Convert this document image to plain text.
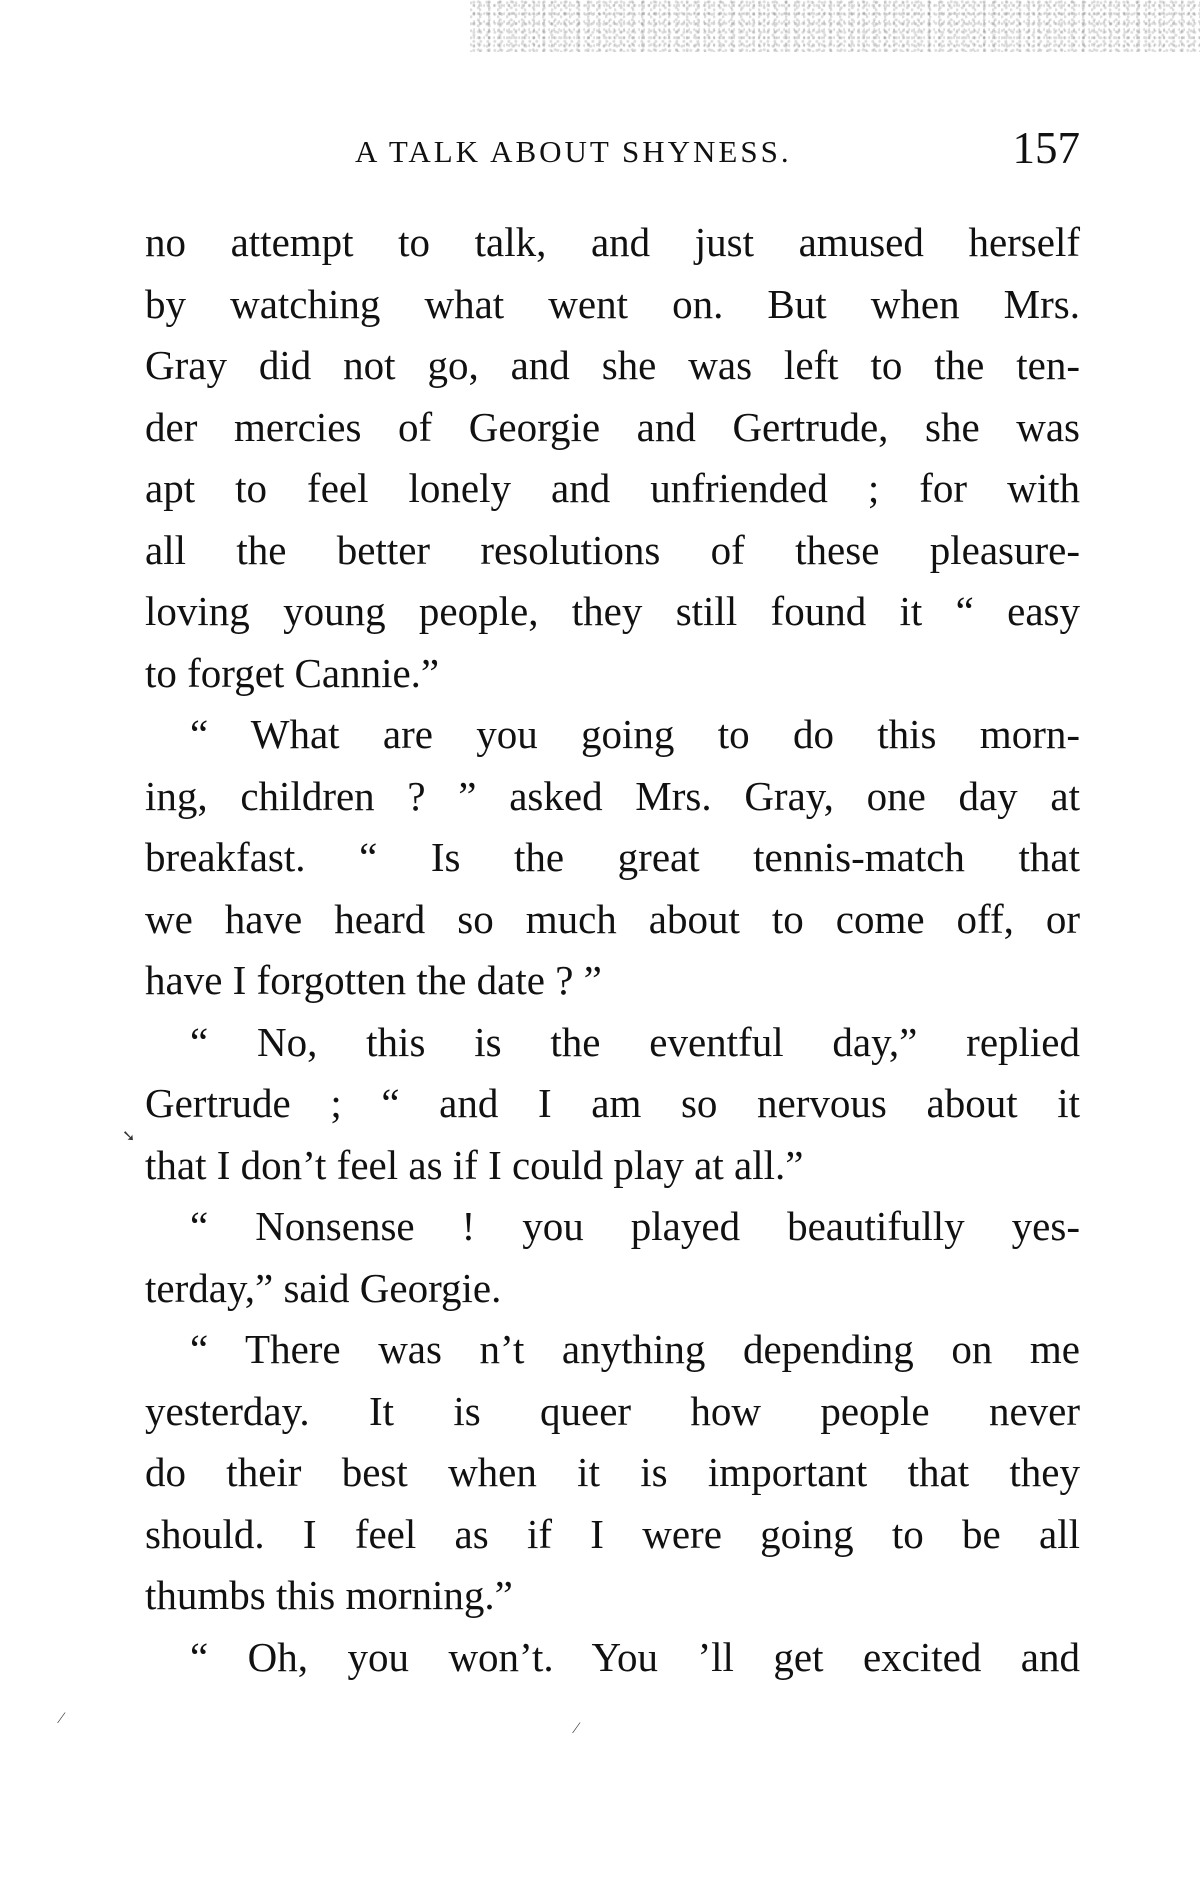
A TALK ABOUT SHYNESS.	157
no attempt to talk, and just amused herself
by watching what went on. But when Mrs.
Gray did not go, and she was left to the ten-
der mercies of Georgie and Gertrude, she was
apt to feel lonely and unfriended ; for with
all the better resolutions of these pleasure-
loving young people, they still found it “ easy
to forget Cannie.”
“ What are you going to do this morn-
ing, children ? ” asked Mrs. Gray, one day at
breakfast. “ Is the great tennis-match that
we have heard so much about to come off, or
have I forgotten the date ? ”
“ No, this is the eventful day,” replied
Gertrude ; “ and I am so nervous about it
that I don’t feel as if I could play at all.”
“ Nonsense ! you played beautifully yes-
terday,” said Georgie.
“ There was n’t anything depending on me
yesterday. It is queer how people never
do their best when it is important that they
should. I feel as if I were going to be all
thumbs this morning.”
“ Oh, you won’t. You ’ll get excited and
➘
⁄
⁄
